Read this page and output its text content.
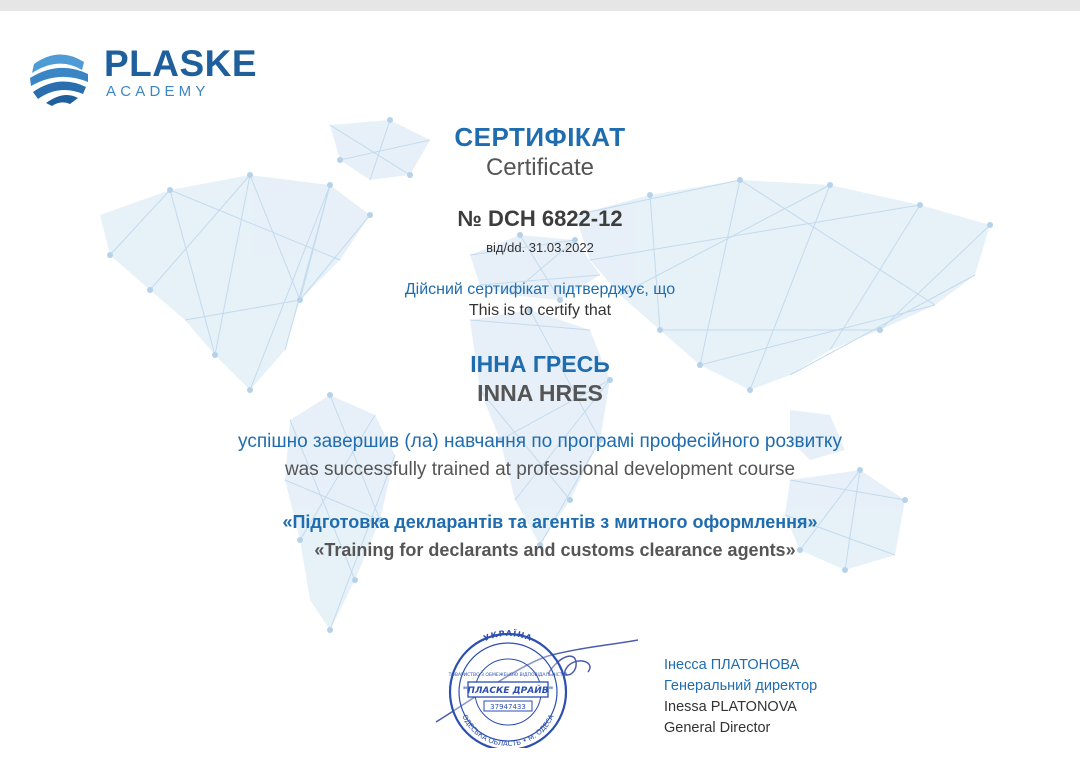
PLASKE
ACADEMY
СЕРТИФІКАТ
Certificate
№ DCH 6822-12
від/dd. 31.03.2022
Дійсний сертифікат підтверджує, що
This is to certify that
ІННА ГРЕСЬ
INNA HRES
успішно завершив (ла) навчання по програмі професійного розвитку
was successfully trained at professional development course
«Підготовка декларантів та агентів з митного оформлення»
«Training for declarants and customs clearance agents»
УКРАЇНА
ОДЕСЬКА ОБЛАСТЬ • М. ОДЕСА
ТОВАРИСТВО З ОБМЕЖЕНОЮ ВІДПОВІДАЛЬНІСТЮ
"ПЛАСКЕ ДРАЙВ"
37947433
Інесса ПЛАТОНОВА
Генеральний директор
Inessa PLATONOVA
General Director
